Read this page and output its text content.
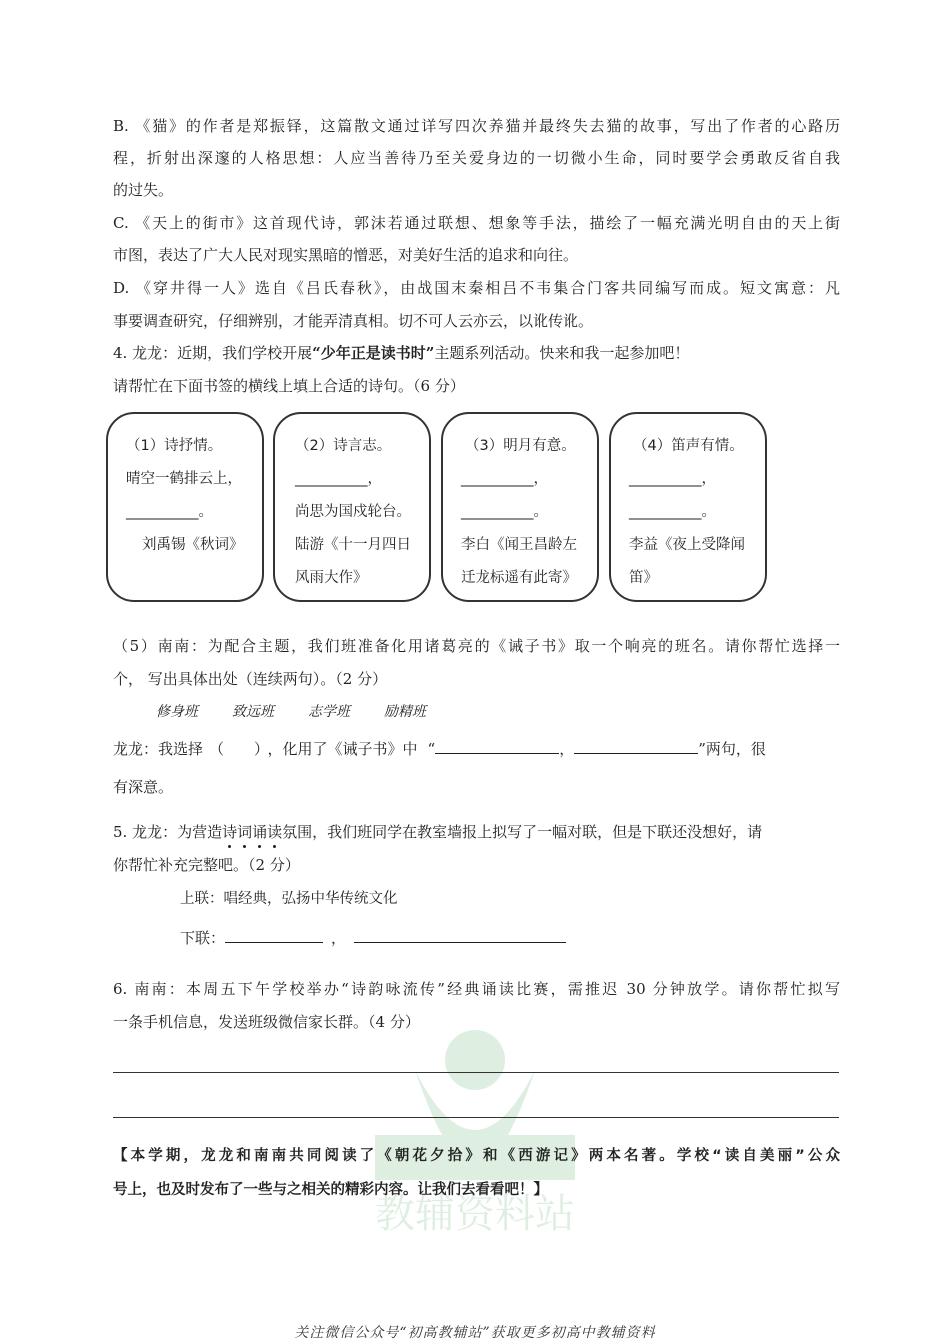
教辅资料站
B. 《猫》的作者是郑振铎，这篇散文通过详写四次养猫并最终失去猫的故事，写出了作者的心路历
程，折射出深邃的人格思想：人应当善待乃至关爱身边的一切微小生命，同时要学会勇敢反省自我
的过失。
C. 《天上的街市》这首现代诗，郭沫若通过联想、想象等手法，描绘了一幅充满光明自由的天上街
市图，表达了广大人民对现实黑暗的憎恶，对美好生活的追求和向往。
D. 《穿井得一人》选自《吕氏春秋》，由战国末秦相吕不韦集合门客共同编写而成。短文寓意：凡
事要调查研究，仔细辨别，才能弄清真相。切不可人云亦云，以讹传讹。
4. 龙龙：近期，我们学校开展“少年正是读书时”主题系列活动。快来和我一起参加吧！
请帮忙在下面书签的横线上填上合适的诗句。（6 分）
（1）诗抒情。
晴空一鹤排云上，
__________。
刘禹锡《秋词》
（2）诗言志。
__________，
尚思为国戍轮台。
陆游《十一月四日
风雨大作》
（3）明月有意。
__________，
__________。
李白《闻王昌龄左
迁龙标遥有此寄》
（4）笛声有情。
__________，
__________。
李益《夜上受降闻
笛》
（5）南南：为配合主题，我们班准备化用诸葛亮的《诫子书》取一个响亮的班名。请你帮忙选择一
个， 写出具体出处（连续两句）。（2 分）
修身班 致远班 志学班 励精班
龙龙：我选择 （　　） ，化用了《诫子书》中 “	，	”两句，很
有深意。
5. 龙龙：为营造诗词诵读氛围，我们班同学在教室墙报上拟写了一幅对联，但是下联还没想好，请
你帮忙补充完整吧。（2 分）
上联：唱经典，弘扬中华传统文化
下联：	，
6. 南南：本周五下午学校举办“诗韵咏流传”经典诵读比赛，需推迟 30 分钟放学。请你帮忙拟写
一条手机信息，发送班级微信家长群。（4 分）
【本学期，龙龙和南南共同阅读了《朝花夕拾》和《西游记》两本名著。学校“读自美丽”公众
号上，也及时发布了一些与之相关的精彩内容。让我们去看看吧！】
关注微信公众号“初高教辅站”获取更多初高中教辅资料
